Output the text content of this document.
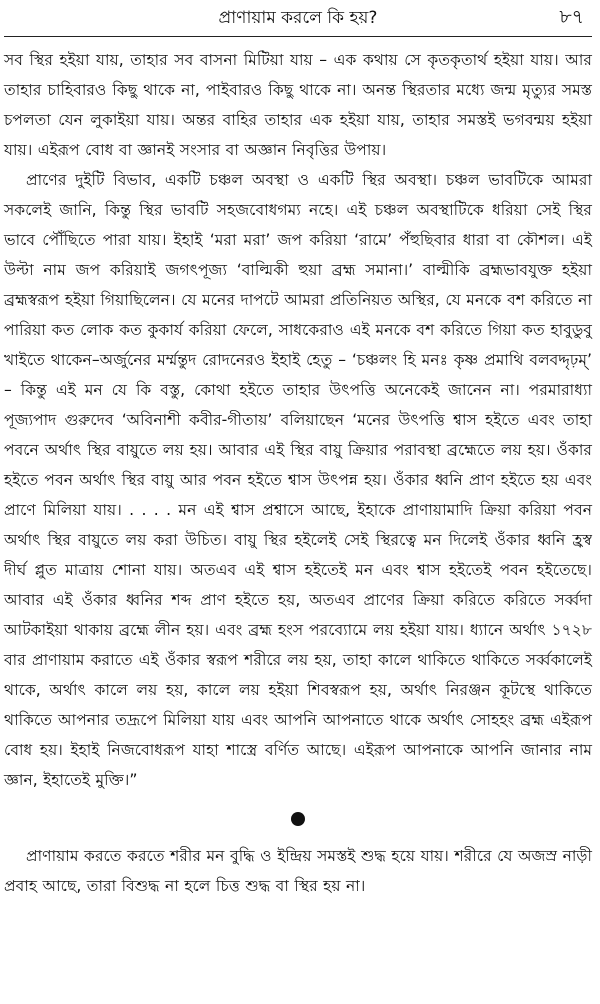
প্রাণায়াম করলে কি হয়?	৮৭

সব স্থির হইয়া যায়, তাহার সব বাসনা মিটিয়া যায় – এক কথায় সে কৃতকৃতার্থ হইয়া যায়। আর তাহার চাহিবারও কিছু থাকে না, পাইবারও কিছু থাকে না। অনন্ত স্থিরতার মধ্যে জন্ম মৃত্যুর সমস্ত চপলতা যেন লুকাইয়া যায়। অন্তর বাহির তাহার এক হইয়া যায়, তাহার সমস্তই ভগবন্ময় হইয়া যায়। এইরূপ বোধ বা জ্ঞানই সংসার বা অজ্ঞান নিবৃত্তির উপায়।

প্রাণের দুইটি বিভাব, একটি চঞ্চল অবস্থা ও একটি স্থির অবস্থা। চঞ্চল ভাবটিকে আমরা সকলেই জানি, কিন্তু স্থির ভাবটি সহজবোধগম্য নহে। এই চঞ্চল অবস্থাটিকে ধরিয়া সেই স্থির ভাবে পৌঁছিতে পারা যায়। ইহাই ‘মরা মরা’ জপ করিয়া ‘রামে’ পঁহুছিবার ধারা বা কৌশল। এই উল্টা নাম জপ করিয়াই জগৎপূজ্য ‘বাল্মিকী হুয়া ব্রহ্ম সমানা।’ বাল্মীকি ব্রহ্মভাবযুক্ত হইয়া ব্রহ্মস্বরূপ হইয়া গিয়াছিলেন। যে মনের দাপটে আমরা প্রতিনিয়ত অস্থির, যে মনকে বশ করিতে না পারিয়া কত লোক কত কুকার্য করিয়া ফেলে, সাধকেরাও এই মনকে বশ করিতে গিয়া কত হাবুডুবু খাইতে থাকেন–অর্জুনের মর্ম্মন্তুদ রোদনেরও ইহাই হেতু – ‘চঞ্চলং হি মনঃ কৃষ্ণ প্রমাথি বলবদ্দৃঢ়ম্’ – কিন্তু এই মন যে কি বস্তু, কোথা হইতে তাহার উৎপত্তি অনেকেই জানেন না। পরমারাধ্যা পূজ্যপাদ গুরুদেব ‘অবিনাশী কবীর-গীতায়’ বলিয়াছেন ‘মনের উৎপত্তি শ্বাস হইতে এবং তাহা পবনে অর্থাৎ স্থির বায়ুতে লয় হয়। আবার এই স্থির বায়ু ক্রিয়ার পরাবস্থা ব্রহ্মেতে লয় হয়। ওঁকার হইতে পবন অর্থাৎ স্থির বায়ু আর পবন হইতে শ্বাস উৎপন্ন হয়। ওঁকার ধ্বনি প্রাণ হইতে হয় এবং প্রাণে মিলিয়া যায়। . . . . মন এই শ্বাস প্রশ্বাসে আছে, ইহাকে প্রাণায়ামাদি ক্রিয়া করিয়া পবন অর্থাৎ স্থির বায়ুতে লয় করা উচিত। বায়ু স্থির হইলেই সেই স্থিরত্বে মন দিলেই ওঁকার ধ্বনি হ্রস্ব দীর্ঘ প্লুত মাত্রায় শোনা যায়। অতএব এই শ্বাস হইতেই মন এবং শ্বাস হইতেই পবন হইতেছে। আবার এই ওঁকার ধ্বনির শব্দ প্রাণ হইতে হয়, অতএব প্রাণের ক্রিয়া করিতে করিতে সর্ব্বদা আটকাইয়া থাকায় ব্রহ্মে লীন হয়। এবং ব্রহ্ম হংস পরব্যোমে লয় হইয়া যায়। ধ্যানে অর্থাৎ ১৭২৮ বার প্রাণায়াম করাতে এই ওঁকার স্বরূপ শরীরে লয় হয়, তাহা কালে থাকিতে থাকিতে সর্ব্বকালেই থাকে, অর্থাৎ কালে লয় হয়, কালে লয় হইয়া শিবস্বরূপ হয়, অর্থাৎ নিরঞ্জন কূটস্থে থাকিতে থাকিতে আপনার তদ্রূপে মিলিয়া যায় এবং আপনি আপনাতে থাকে অর্থাৎ সোহহং ব্রহ্ম এইরূপ বোধ হয়। ইহাই নিজবোধরূপ যাহা শাস্ত্রে বর্ণিত আছে। এইরূপ আপনাকে আপনি জানার নাম জ্ঞান, ইহাতেই মুক্তি।”

প্রাণায়াম করতে করতে শরীর মন বুদ্ধি ও ইন্দ্রিয় সমস্তই শুদ্ধ হয়ে যায়। শরীরে যে অজস্র নাড়ী প্রবাহ আছে, তারা বিশুদ্ধ না হলে চিত্ত শুদ্ধ বা স্থির হয় না।
